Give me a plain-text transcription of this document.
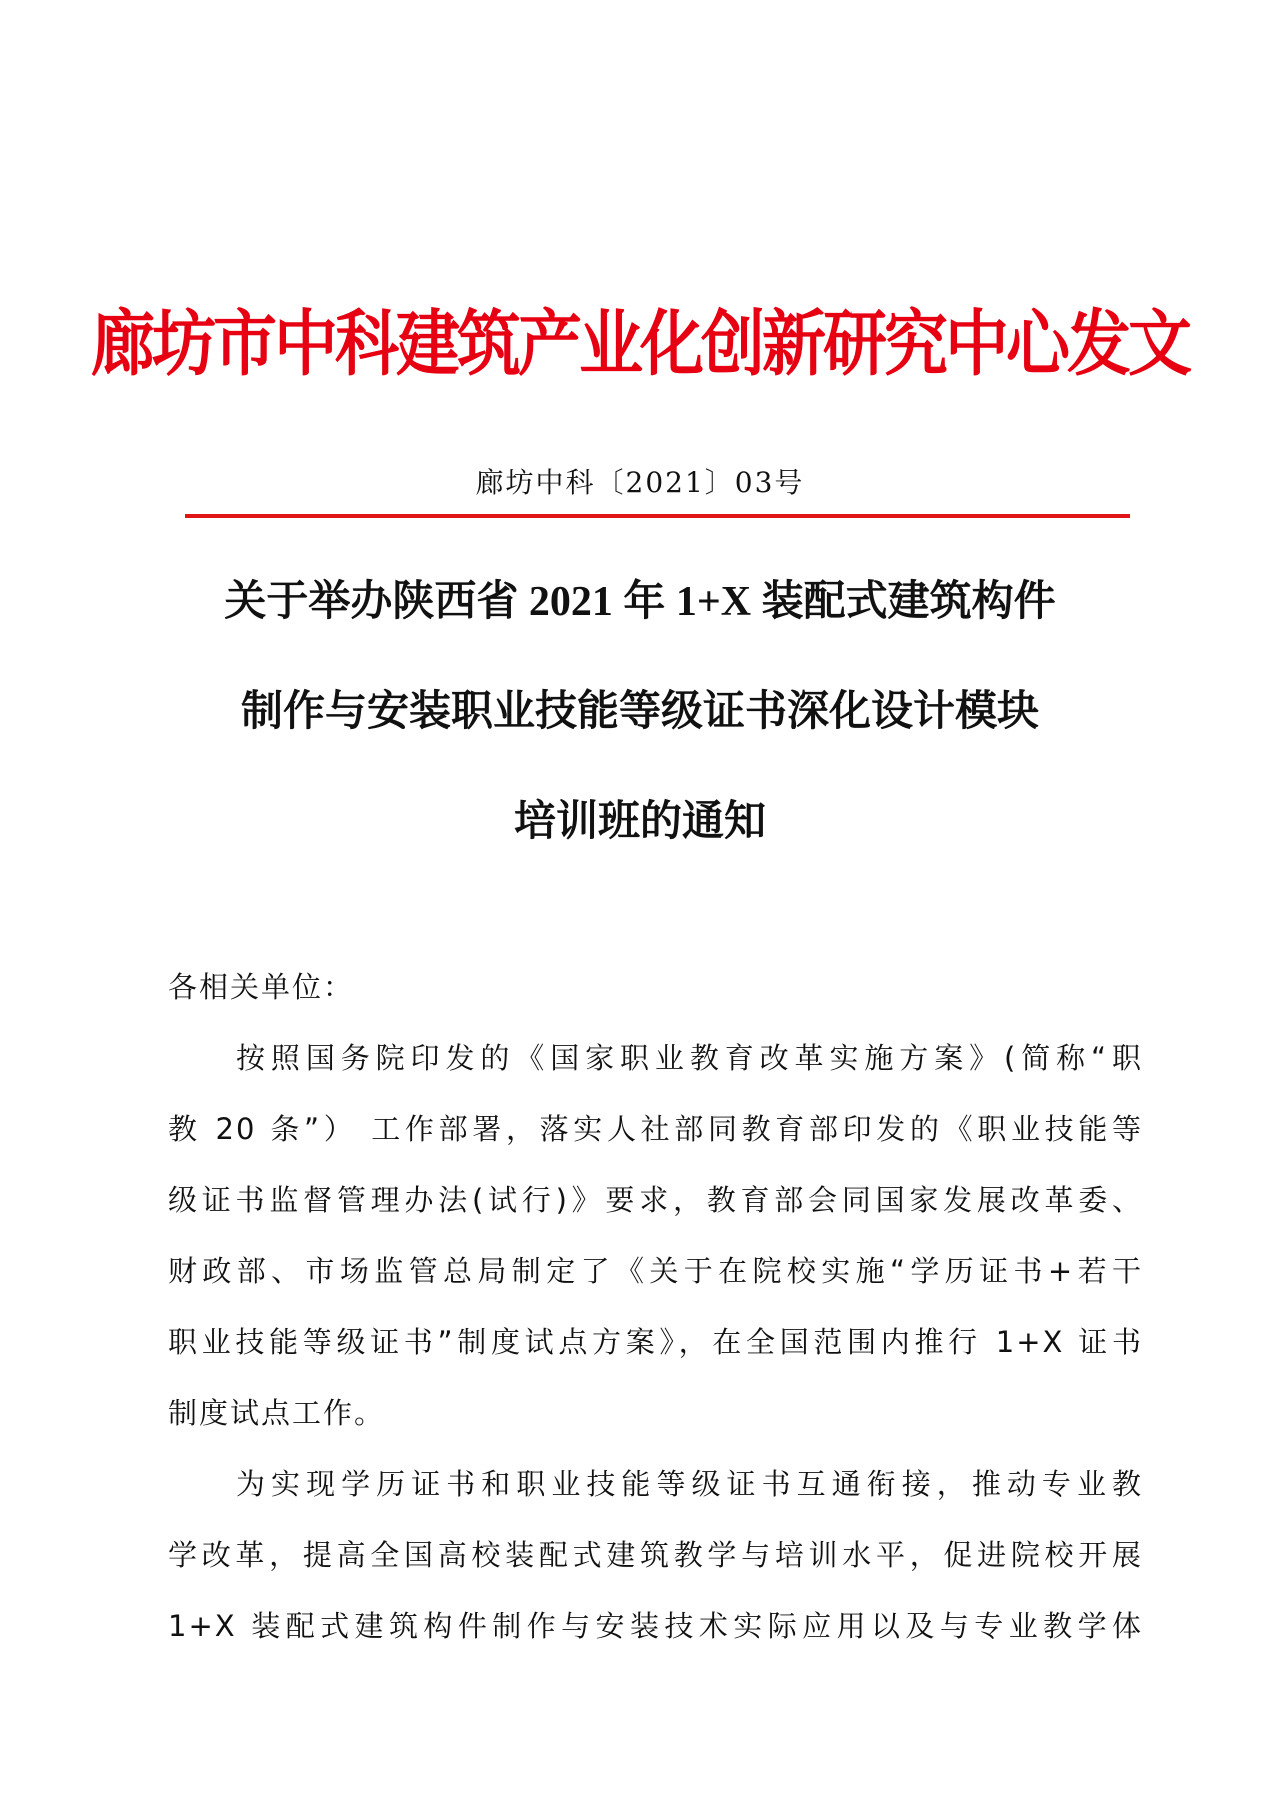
廊坊市中科建筑产业化创新研究中心发文
廊坊中科〔2021〕03号
关于举办陕西省 2021 年 1+X 装配式建筑构件
制作与安装职业技能等级证书深化设计模块
培训班的通知
各相关单位：
按照国务院印发的《国家职业教育改革实施方案》(简称“职
教 20 条”） 工作部署，落实人社部同教育部印发的《职业技能等
级证书监督管理办法(试行)》要求，教育部会同国家发展改革委、
财政部、市场监管总局制定了《关于在院校实施“学历证书+若干
职业技能等级证书”制度试点方案》，在全国范围内推行 1+X 证书
制度试点工作。
为实现学历证书和职业技能等级证书互通衔接，推动专业教
学改革，提高全国高校装配式建筑教学与培训水平，促进院校开展
1+X 装配式建筑构件制作与安装技术实际应用以及与专业教学体
